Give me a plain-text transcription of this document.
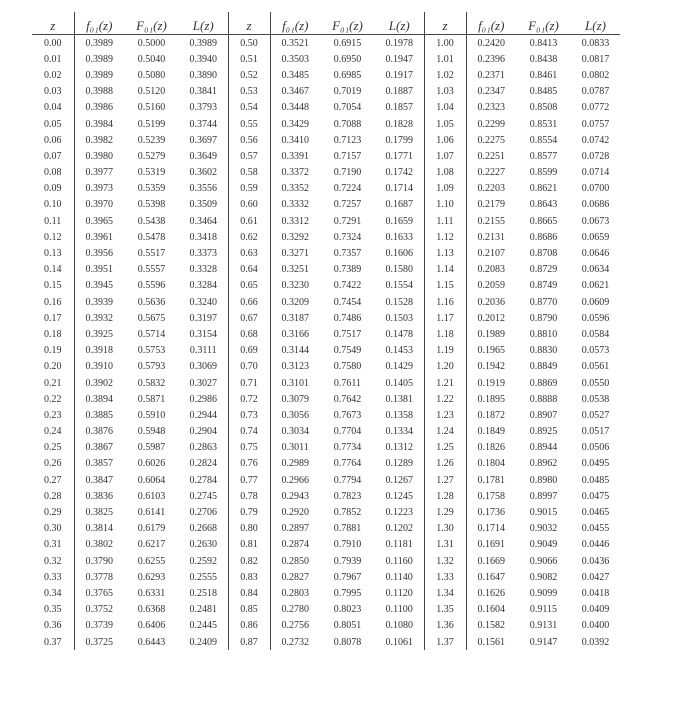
z	f₀₁(z)	F₀₁(z)	L(z)	z	f₀₁(z)	F₀₁(z)	L(z)	z	f₀₁(z)	F₀₁(z)	L(z)
0.00	0.3989	0.5000	0.3989	0.50	0.3521	0.6915	0.1978	1.00	0.2420	0.8413	0.0833
0.01	0.3989	0.5040	0.3940	0.51	0.3503	0.6950	0.1947	1.01	0.2396	0.8438	0.0817
0.02	0.3989	0.5080	0.3890	0.52	0.3485	0.6985	0.1917	1.02	0.2371	0.8461	0.0802
0.03	0.3988	0.5120	0.3841	0.53	0.3467	0.7019	0.1887	1.03	0.2347	0.8485	0.0787
0.04	0.3986	0.5160	0.3793	0.54	0.3448	0.7054	0.1857	1.04	0.2323	0.8508	0.0772
0.05	0.3984	0.5199	0.3744	0.55	0.3429	0.7088	0.1828	1.05	0.2299	0.8531	0.0757
0.06	0.3982	0.5239	0.3697	0.56	0.3410	0.7123	0.1799	1.06	0.2275	0.8554	0.0742
0.07	0.3980	0.5279	0.3649	0.57	0.3391	0.7157	0.1771	1.07	0.2251	0.8577	0.0728
0.08	0.3977	0.5319	0.3602	0.58	0.3372	0.7190	0.1742	1.08	0.2227	0.8599	0.0714
0.09	0.3973	0.5359	0.3556	0.59	0.3352	0.7224	0.1714	1.09	0.2203	0.8621	0.0700
0.10	0.3970	0.5398	0.3509	0.60	0.3332	0.7257	0.1687	1.10	0.2179	0.8643	0.0686
0.11	0.3965	0.5438	0.3464	0.61	0.3312	0.7291	0.1659	1.11	0.2155	0.8665	0.0673
0.12	0.3961	0.5478	0.3418	0.62	0.3292	0.7324	0.1633	1.12	0.2131	0.8686	0.0659
0.13	0.3956	0.5517	0.3373	0.63	0.3271	0.7357	0.1606	1.13	0.2107	0.8708	0.0646
0.14	0.3951	0.5557	0.3328	0.64	0.3251	0.7389	0.1580	1.14	0.2083	0.8729	0.0634
0.15	0.3945	0.5596	0.3284	0.65	0.3230	0.7422	0.1554	1.15	0.2059	0.8749	0.0621
0.16	0.3939	0.5636	0.3240	0.66	0.3209	0.7454	0.1528	1.16	0.2036	0.8770	0.0609
0.17	0.3932	0.5675	0.3197	0.67	0.3187	0.7486	0.1503	1.17	0.2012	0.8790	0.0596
0.18	0.3925	0.5714	0.3154	0.68	0.3166	0.7517	0.1478	1.18	0.1989	0.8810	0.0584
0.19	0.3918	0.5753	0.3111	0.69	0.3144	0.7549	0.1453	1.19	0.1965	0.8830	0.0573
0.20	0.3910	0.5793	0.3069	0.70	0.3123	0.7580	0.1429	1.20	0.1942	0.8849	0.0561
0.21	0.3902	0.5832	0.3027	0.71	0.3101	0.7611	0.1405	1.21	0.1919	0.8869	0.0550
0.22	0.3894	0.5871	0.2986	0.72	0.3079	0.7642	0.1381	1.22	0.1895	0.8888	0.0538
0.23	0.3885	0.5910	0.2944	0.73	0.3056	0.7673	0.1358	1.23	0.1872	0.8907	0.0527
0.24	0.3876	0.5948	0.2904	0.74	0.3034	0.7704	0.1334	1.24	0.1849	0.8925	0.0517
0.25	0.3867	0.5987	0.2863	0.75	0.3011	0.7734	0.1312	1.25	0.1826	0.8944	0.0506
0.26	0.3857	0.6026	0.2824	0.76	0.2989	0.7764	0.1289	1.26	0.1804	0.8962	0.0495
0.27	0.3847	0.6064	0.2784	0.77	0.2966	0.7794	0.1267	1.27	0.1781	0.8980	0.0485
0.28	0.3836	0.6103	0.2745	0.78	0.2943	0.7823	0.1245	1.28	0.1758	0.8997	0.0475
0.29	0.3825	0.6141	0.2706	0.79	0.2920	0.7852	0.1223	1.29	0.1736	0.9015	0.0465
0.30	0.3814	0.6179	0.2668	0.80	0.2897	0.7881	0.1202	1.30	0.1714	0.9032	0.0455
0.31	0.3802	0.6217	0.2630	0.81	0.2874	0.7910	0.1181	1.31	0.1691	0.9049	0.0446
0.32	0.3790	0.6255	0.2592	0.82	0.2850	0.7939	0.1160	1.32	0.1669	0.9066	0.0436
0.33	0.3778	0.6293	0.2555	0.83	0.2827	0.7967	0.1140	1.33	0.1647	0.9082	0.0427
0.34	0.3765	0.6331	0.2518	0.84	0.2803	0.7995	0.1120	1.34	0.1626	0.9099	0.0418
0.35	0.3752	0.6368	0.2481	0.85	0.2780	0.8023	0.1100	1.35	0.1604	0.9115	0.0409
0.36	0.3739	0.6406	0.2445	0.86	0.2756	0.8051	0.1080	1.36	0.1582	0.9131	0.0400
0.37	0.3725	0.6443	0.2409	0.87	0.2732	0.8078	0.1061	1.37	0.1561	0.9147	0.0392
